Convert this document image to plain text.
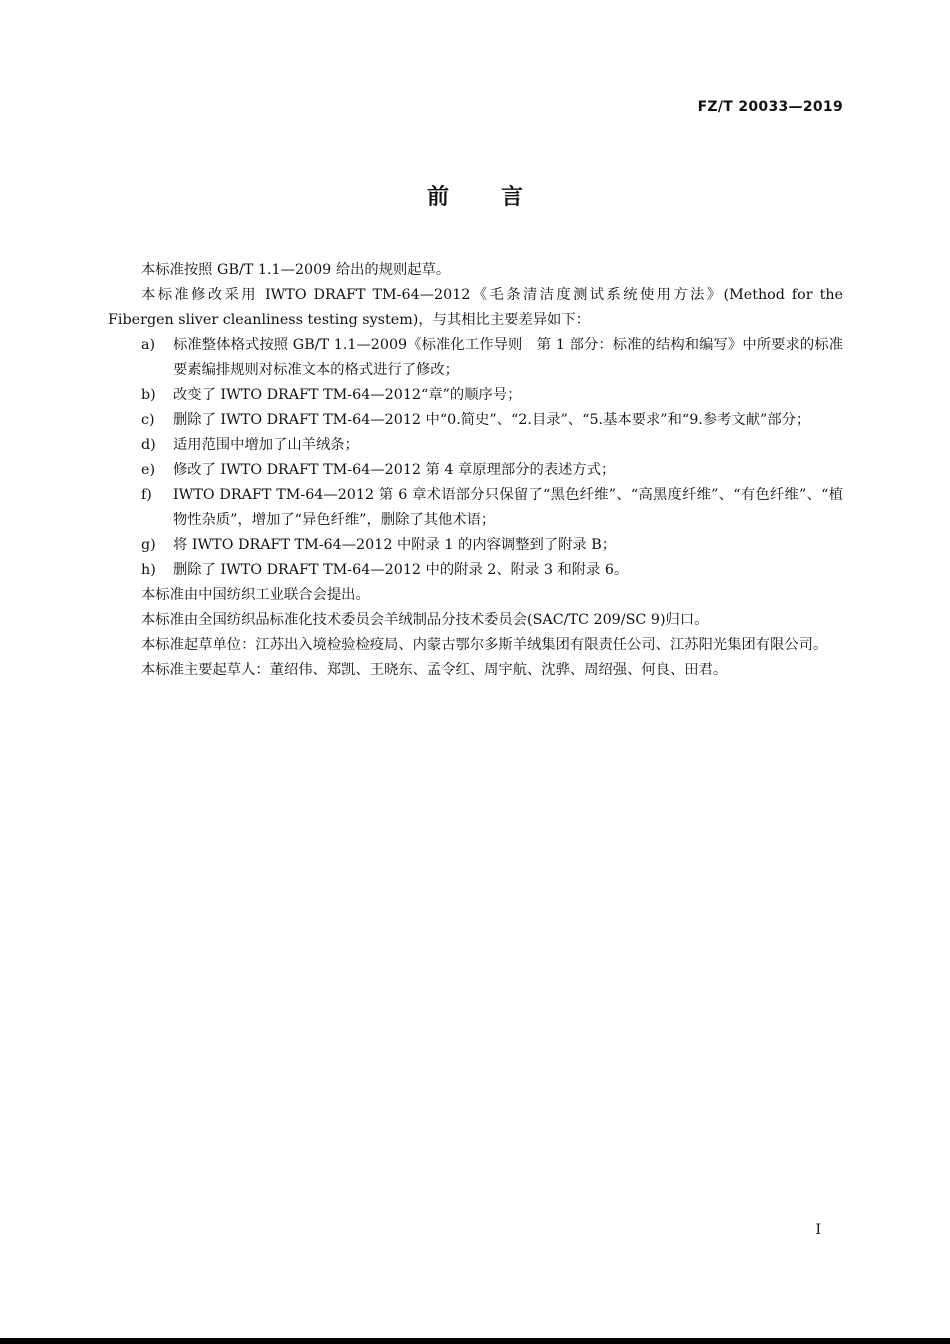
FZ/T 20033—2019
前言

本标准按照 GB/T 1.1—2009 给出的规则起草。

本标准修改采用 IWTO DRAFT TM-64—2012《毛条清洁度测试系统使用方法》(Method for the Fibergen sliver cleanliness testing system)，与其相比主要差异如下：

a)	标准整体格式按照 GB/T 1.1—2009《标准化工作导则　第 1 部分：标准的结构和编写》中所要求的标准要素编排规则对标准文本的格式进行了修改；
b)	改变了 IWTO DRAFT TM-64—2012“章”的顺序号；
c)	删除了 IWTO DRAFT TM-64—2012 中“0.简史”、“2.目录”、“5.基本要求”和“9.参考文献”部分；
d)	适用范围中增加了山羊绒条；
e)	修改了 IWTO DRAFT TM-64—2012 第 4 章原理部分的表述方式；
f)	IWTO DRAFT TM-64—2012 第 6 章术语部分只保留了“黑色纤维”、“高黑度纤维”、“有色纤维”、“植物性杂质”，增加了“异色纤维”，删除了其他术语；
g)	将 IWTO DRAFT TM-64—2012 中附录 1 的内容调整到了附录 B；
h)	删除了 IWTO DRAFT TM-64—2012 中的附录 2、附录 3 和附录 6。

本标准由中国纺织工业联合会提出。

本标准由全国纺织品标准化技术委员会羊绒制品分技术委员会(SAC/TC 209/SC 9)归口。

本标准起草单位：江苏出入境检验检疫局、内蒙古鄂尔多斯羊绒集团有限责任公司、江苏阳光集团有限公司。

本标准主要起草人：董绍伟、郑凯、王晓东、孟令红、周宇航、沈骅、周绍强、何良、田君。

I
